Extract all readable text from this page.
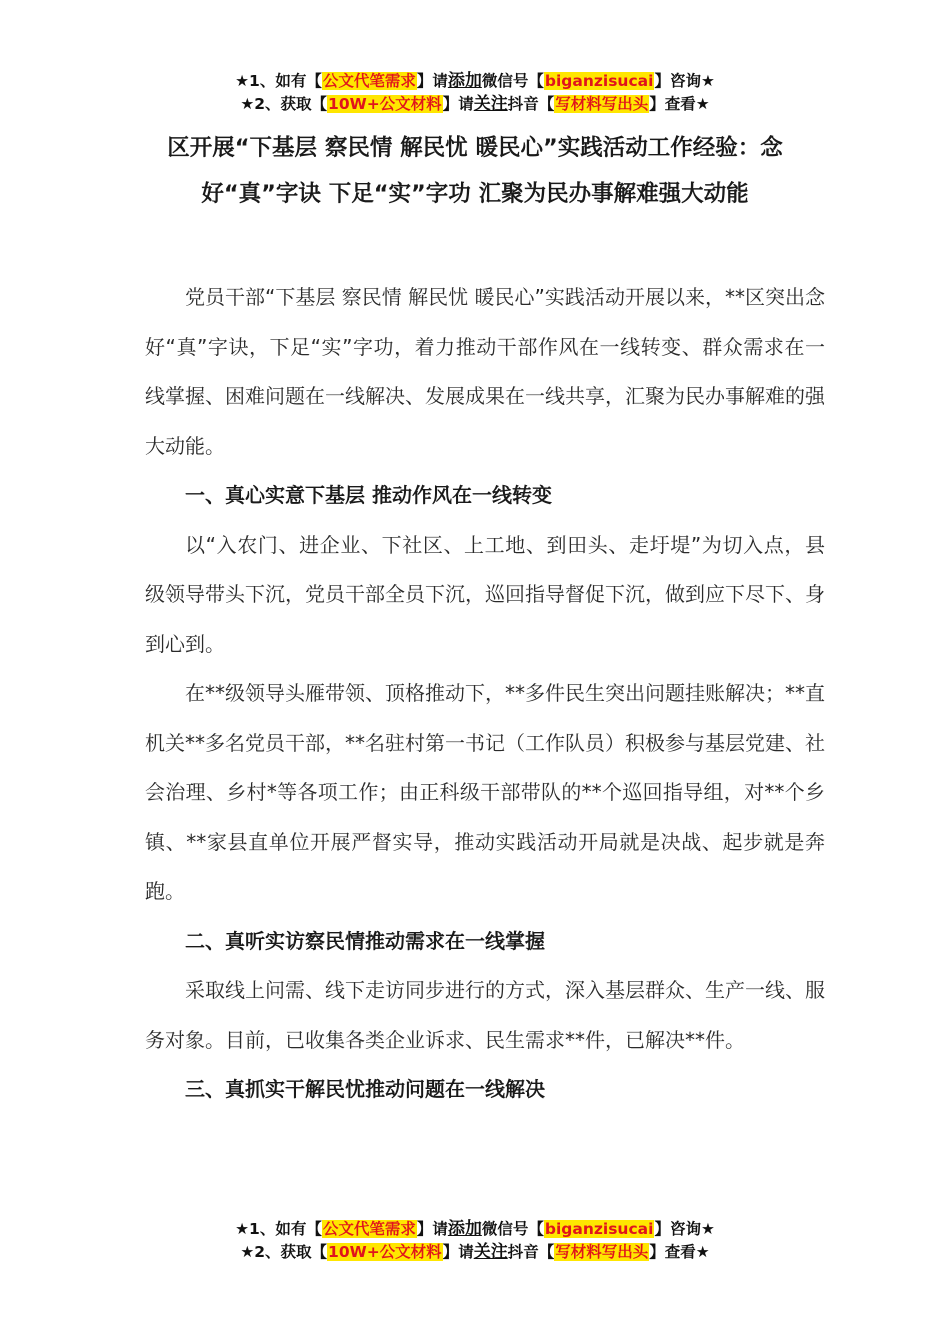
★1、如有【公文代笔需求】请添加微信号【biganzisucai】咨询★
★2、获取【10W+公文材料】请关注抖音【写材料写出头】查看★
区开展“下基层 察民情 解民忧 暖民心”实践活动工作经验：念好“真”字诀 下足“实”字功 汇聚为民办事解难强大动能

党员干部“下基层 察民情 解民忧 暖民心”实践活动开展以来，**区突出念好“真”字诀，下足“实”字功，着力推动干部作风在一线转变、群众需求在一线掌握、困难问题在一线解决、发展成果在一线共享，汇聚为民办事解难的强大动能。

一、真心实意下基层 推动作风在一线转变

以“入农门、进企业、下社区、上工地、到田头、走圩堤”为切入点，县级领导带头下沉，党员干部全员下沉，巡回指导督促下沉，做到应下尽下、身到心到。

在**级领导头雁带领、顶格推动下，**多件民生突出问题挂账解决；**直机关**多名党员干部，**名驻村第一书记（工作队员）积极参与基层党建、社会治理、乡村*等各项工作；由正科级干部带队的**个巡回指导组，对**个乡镇、**家县直单位开展严督实导，推动实践活动开局就是决战、起步就是奔跑。

二、真听实访察民情推动需求在一线掌握

采取线上问需、线下走访同步进行的方式，深入基层群众、生产一线、服务对象。目前，已收集各类企业诉求、民生需求**件，已解决**件。

三、真抓实干解民忧推动问题在一线解决

★1、如有【公文代笔需求】请添加微信号【biganzisucai】咨询★
★2、获取【10W+公文材料】请关注抖音【写材料写出头】查看★
